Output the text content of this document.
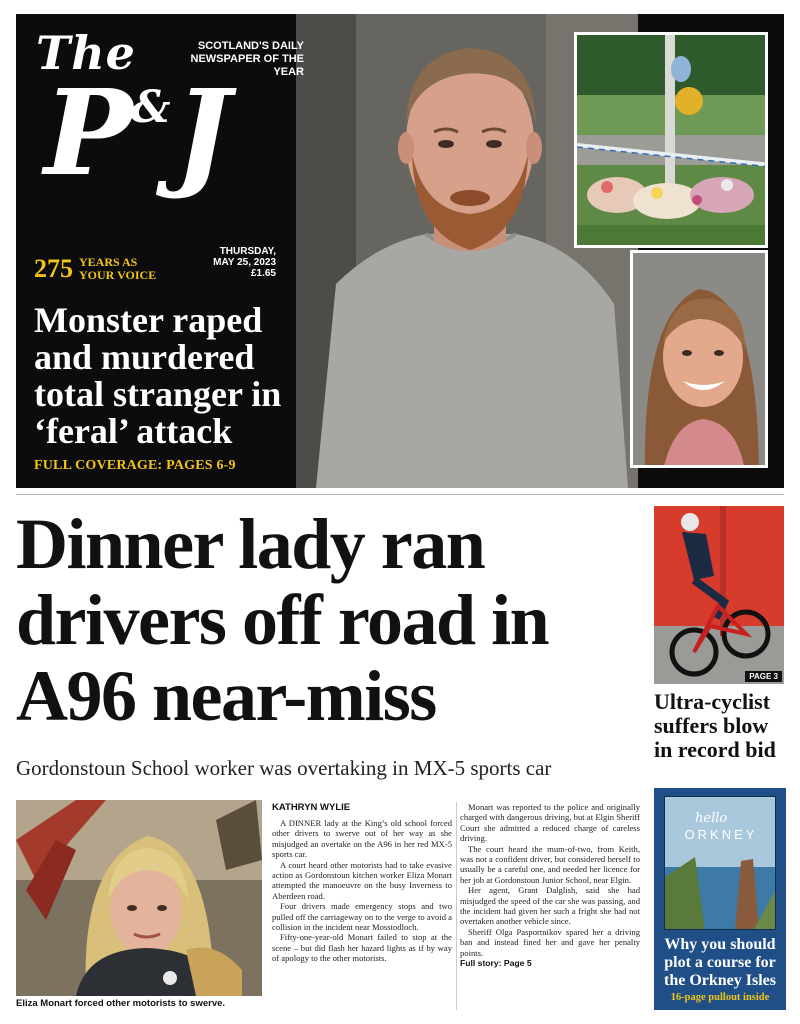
The
P&J
SCOTLAND'S DAILY
NEWSPAPER OF THE YEAR
275 YEARS AS
YOUR VOICE
THURSDAY,
MAY 25, 2023
£1.65
Monster raped and murdered total stranger in ‘feral’ attack
FULL COVERAGE: PAGES 6-9
Dinner lady ran drivers off road in A96 near-miss
Gordonstoun School worker was overtaking in MX-5 sports car
Eliza Monart forced other motorists to swerve.
KATHRYN WYLIE

A DINNER lady at the King’s old school forced other drivers to swerve out of her way as she misjudged an overtake on the A96 in her red MX-5 sports car.

A court heard other motorists had to take evasive action as Gordonstoun kitchen worker Eliza Monart attempted the manoeuvre on the busy Inverness to Aberdeen road.

Four drivers made emergency stops and two pulled off the carriageway on to the verge to avoid a collision in the incident near Mosstodloch.

Fifty-one-year-old Monart failed to stop at the scene – but did flash her hazard lights as if by way of apology to the other motorists.

Monart was reported to the police and originally charged with dangerous driving, but at Elgin Sheriff Court she admitted a reduced charge of careless driving.

The court heard the mum-of-two, from Keith, was not a confident driver, but considered herself to usually be a careful one, and needed her licence for her job at Gordonstoun Junior School, near Elgin.

Her agent, Grant Dalglish, said she had misjudged the speed of the car she was passing, and the incident had given her such a fright she had not overtaken another vehicle since.

Sheriff Olga Pasportnikov spared her a driving ban and instead fined her and gave her penalty points.

Full story: Page 5

PAGE 3
Ultra-cyclist suffers blow in record bid
hello
ORKNEY
Why you should plot a course for the Orkney Isles
16-page pullout inside
